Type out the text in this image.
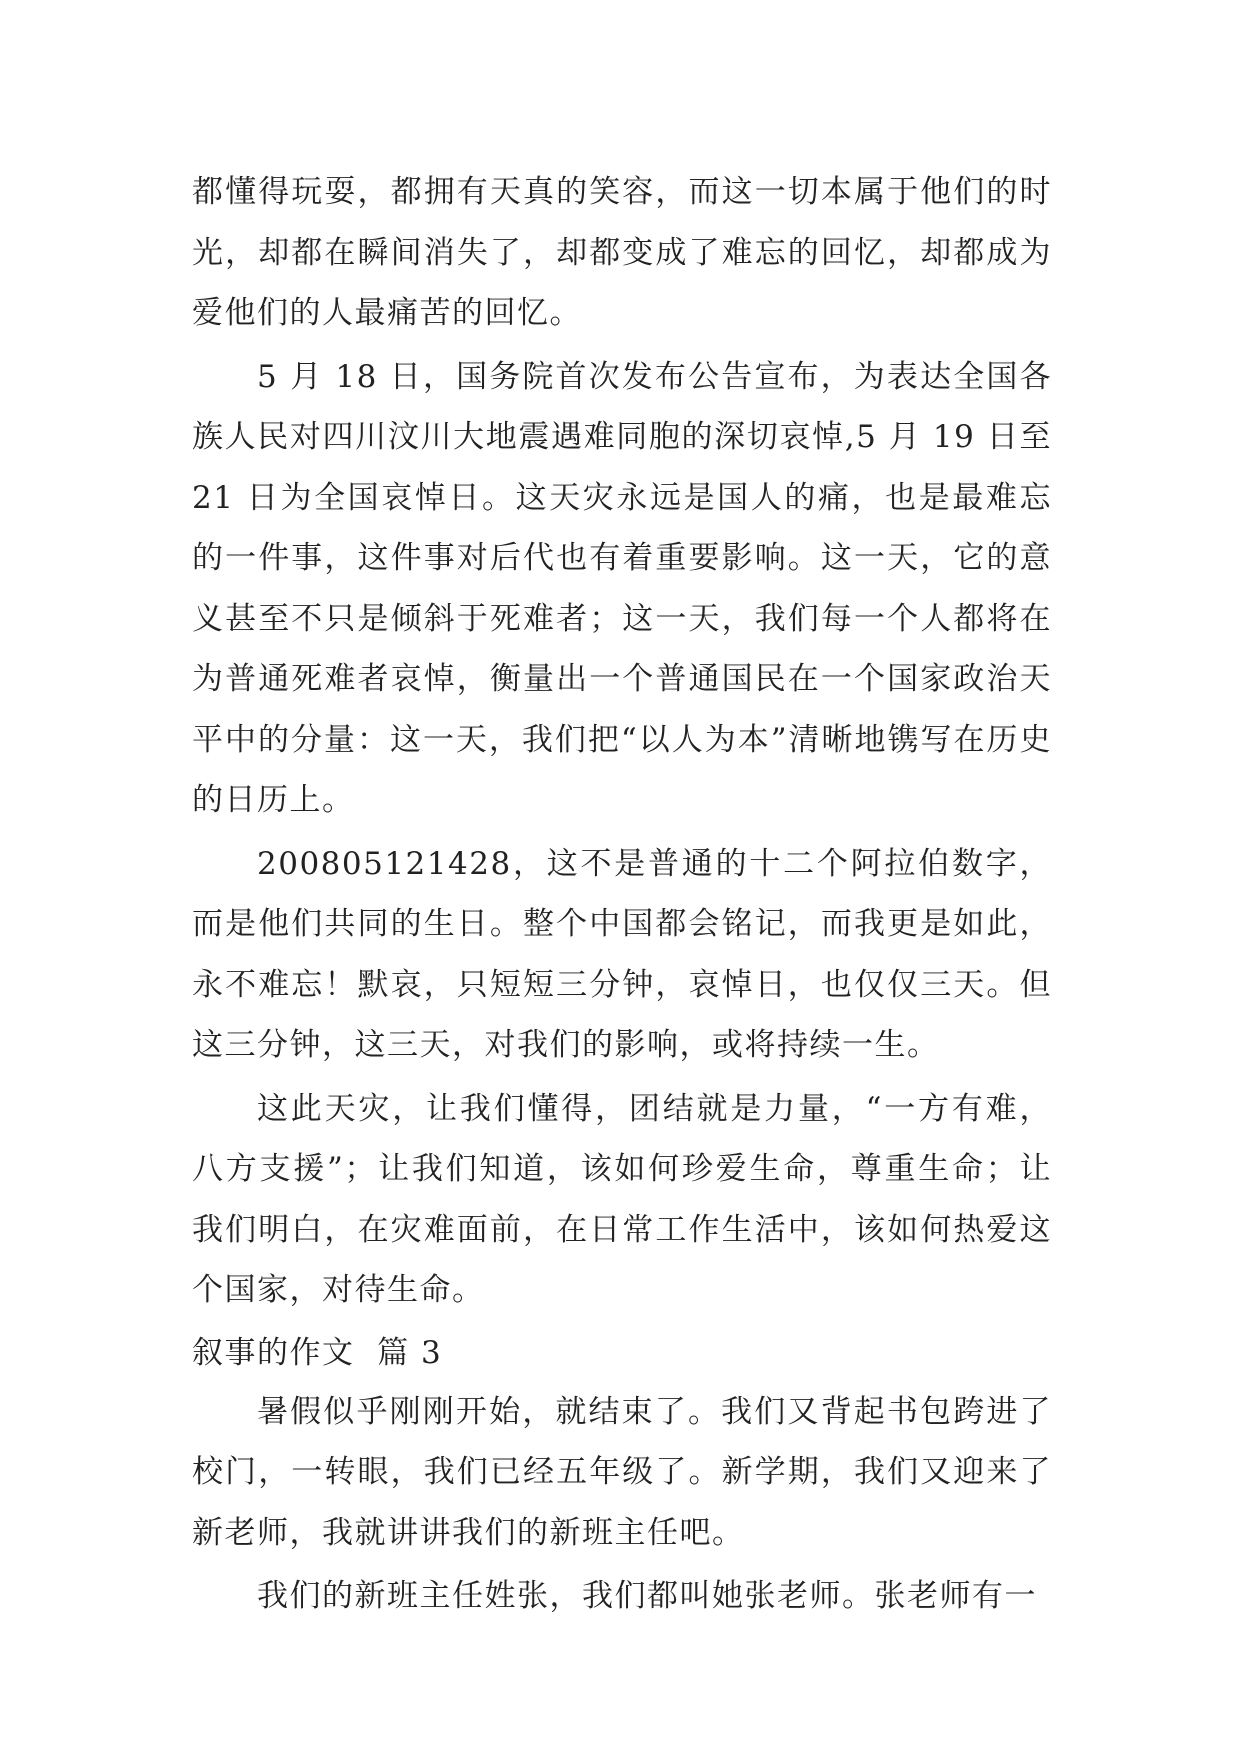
都懂得玩耍，都拥有天真的笑容，而这一切本属于他们的时光，却都在瞬间消失了，却都变成了难忘的回忆，却都成为爱他们的人最痛苦的回忆。

5 月 18 日，国务院首次发布公告宣布，为表达全国各族人民对四川汶川大地震遇难同胞的深切哀悼,5 月 19 日至 21 日为全国哀悼日。这天灾永远是国人的痛，也是最难忘的一件事，这件事对后代也有着重要影响。这一天，它的意义甚至不只是倾斜于死难者；这一天，我们每一个人都将在为普通死难者哀悼，衡量出一个普通国民在一个国家政治天平中的分量：这一天，我们把“以人为本”清晰地镌写在历史的日历上。

200805121428，这不是普通的十二个阿拉伯数字，而是他们共同的生日。整个中国都会铭记，而我更是如此，永不难忘！默哀，只短短三分钟，哀悼日，也仅仅三天。但这三分钟，这三天，对我们的影响，或将持续一生。

这此天灾，让我们懂得，团结就是力量，“一方有难，八方支援”；让我们知道，该如何珍爱生命，尊重生命；让我们明白，在灾难面前，在日常工作生活中，该如何热爱这个国家，对待生命。

叙事的作文  篇 3

暑假似乎刚刚开始，就结束了。我们又背起书包跨进了校门，一转眼，我们已经五年级了。新学期，我们又迎来了新老师，我就讲讲我们的新班主任吧。

我们的新班主任姓张，我们都叫她张老师。张老师有一
